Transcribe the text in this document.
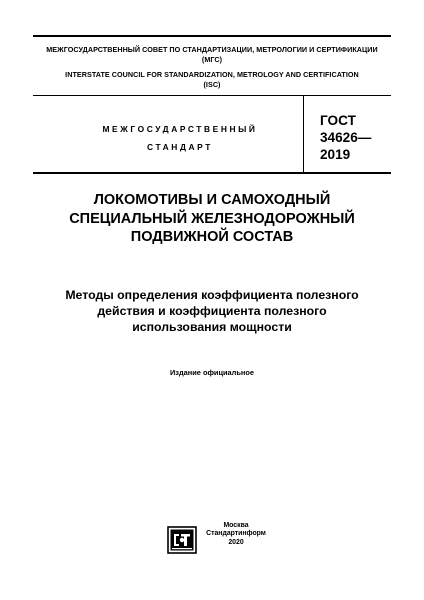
МЕЖГОСУДАРСТВЕННЫЙ СОВЕТ ПО СТАНДАРТИЗАЦИИ, МЕТРОЛОГИИ И СЕРТИФИКАЦИИ
(МГС)
INTERSTATE COUNCIL FOR STANDARDIZATION, METROLOGY AND CERTIFICATION
(ISC)
МЕЖГОСУДАРСТВЕННЫЙ
СТАНДАРТ
ГОСТ
34626—
2019
ЛОКОМОТИВЫ И САМОХОДНЫЙ
СПЕЦИАЛЬНЫЙ ЖЕЛЕЗНОДОРОЖНЫЙ
ПОДВИЖНОЙ СОСТАВ
Методы определения коэффициента полезного
действия и коэффициента полезного
использования мощности
Издание официальное
Москва
Стандартинформ
2020
